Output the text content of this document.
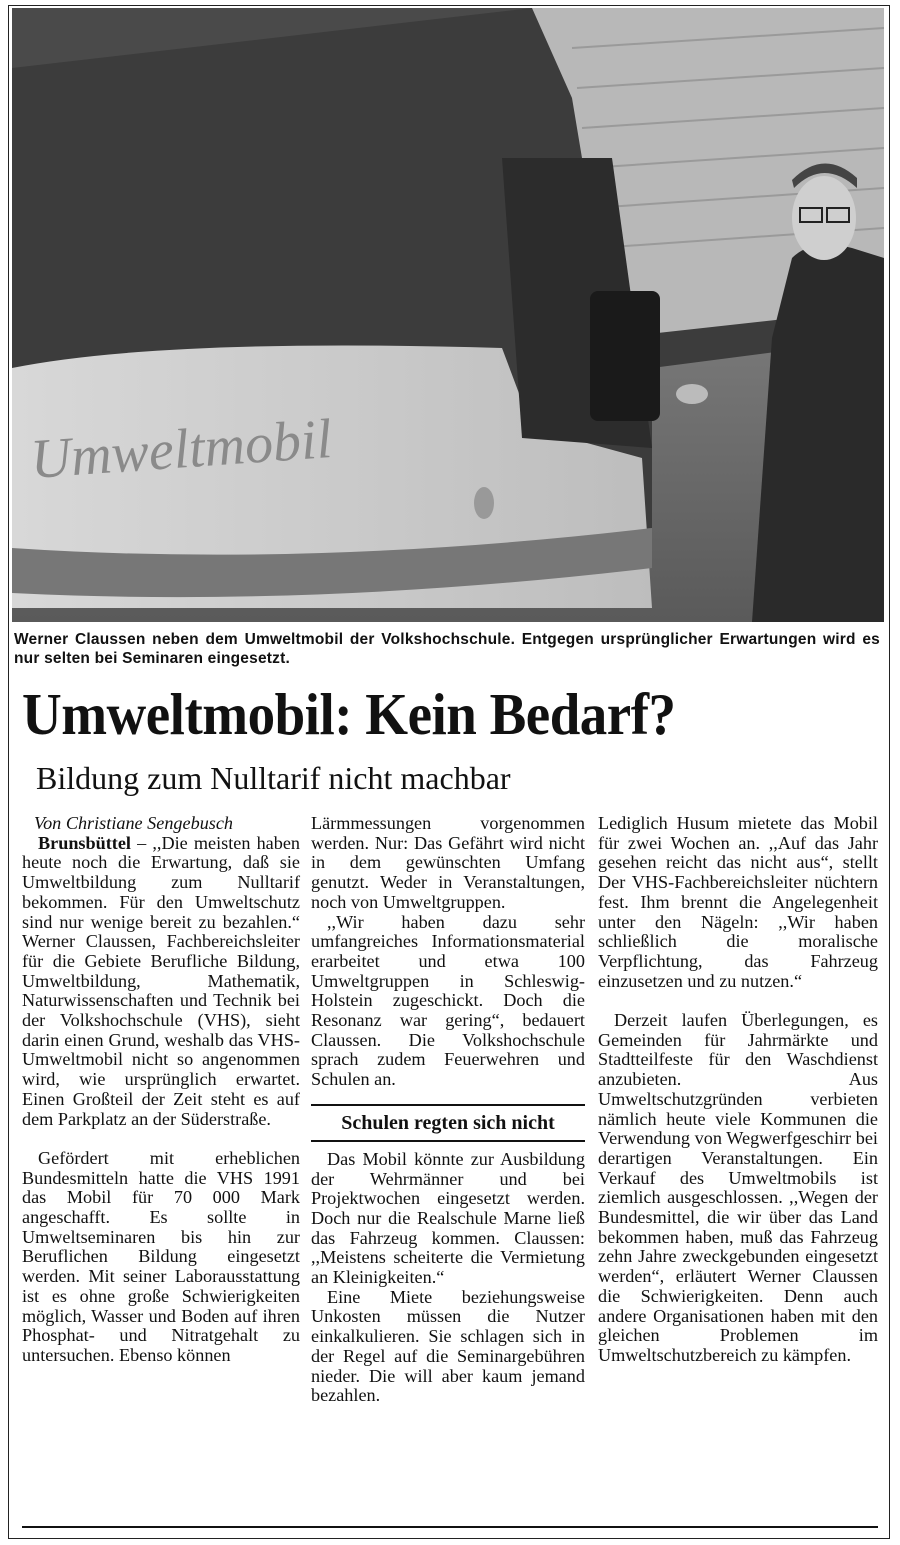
Umweltmobil
Werner Claussen neben dem Umweltmobil der Volkshochschule. Entgegen ursprünglicher Erwartungen wird es nur selten bei Seminaren eingesetzt.
Umweltmobil: Kein Bedarf?
Bildung zum Nulltarif nicht machbar
Von Christiane Sengebusch

Brunsbüttel – ,,Die meisten haben heute noch die Erwartung, daß sie Umweltbildung zum Nulltarif bekommen. Für den Umweltschutz sind nur wenige bereit zu bezahlen.“ Werner Claussen, Fachbereichsleiter für die Gebiete Berufliche Bildung, Umweltbildung, Mathematik, Naturwissenschaften und Technik bei der Volkshochschule (VHS), sieht darin einen Grund, weshalb das VHS-Umweltmobil nicht so angenommen wird, wie ursprünglich erwartet. Einen Großteil der Zeit steht es auf dem Parkplatz an der Süderstraße.

Gefördert mit erheblichen Bundesmitteln hatte die VHS 1991 das Mobil für 70 000 Mark angeschafft. Es sollte in Umweltseminaren bis hin zur Beruflichen Bildung eingesetzt werden. Mit seiner Laborausstattung ist es ohne große Schwierigkeiten möglich, Wasser und Boden auf ihren Phosphat- und Nitratgehalt zu untersuchen. Ebenso können

Lärmmessungen vorgenommen werden. Nur: Das Gefährt wird nicht in dem gewünschten Umfang genutzt. Weder in Veranstaltungen, noch von Umweltgruppen.

,,Wir haben dazu sehr umfangreiches Informationsmaterial erarbeitet und etwa 100 Umweltgruppen in Schleswig-Holstein zugeschickt. Doch die Resonanz war gering“, bedauert Claussen. Die Volkshochschule sprach zudem Feuerwehren und Schulen an.

Schulen regten sich nicht

Das Mobil könnte zur Ausbildung der Wehrmänner und bei Projektwochen eingesetzt werden. Doch nur die Realschule Marne ließ das Fahrzeug kommen. Claussen: ,,Meistens scheiterte die Vermietung an Kleinigkeiten.“

Eine Miete beziehungsweise Unkosten müssen die Nutzer einkalkulieren. Sie schlagen sich in der Regel auf die Seminargebühren nieder. Die will aber kaum jemand bezahlen.

Lediglich Husum mietete das Mobil für zwei Wochen an. ,,Auf das Jahr gesehen reicht das nicht aus“, stellt Der VHS-Fachbereichsleiter nüchtern fest. Ihm brennt die Angelegenheit unter den Nägeln: ,,Wir haben schließlich die moralische Verpflichtung, das Fahrzeug einzusetzen und zu nutzen.“

Derzeit laufen Überlegungen, es Gemeinden für Jahrmärkte und Stadtteilfeste für den Waschdienst anzubieten. Aus Umweltschutzgründen verbieten nämlich heute viele Kommunen die Verwendung von Wegwerfgeschirr bei derartigen Veranstaltungen. Ein Verkauf des Umweltmobils ist ziemlich ausgeschlossen. ,,Wegen der Bundesmittel, die wir über das Land bekommen haben, muß das Fahrzeug zehn Jahre zweckgebunden eingesetzt werden“, erläutert Werner Claussen die Schwierigkeiten. Denn auch andere Organisationen haben mit den gleichen Problemen im Umweltschutzbereich zu kämpfen.
